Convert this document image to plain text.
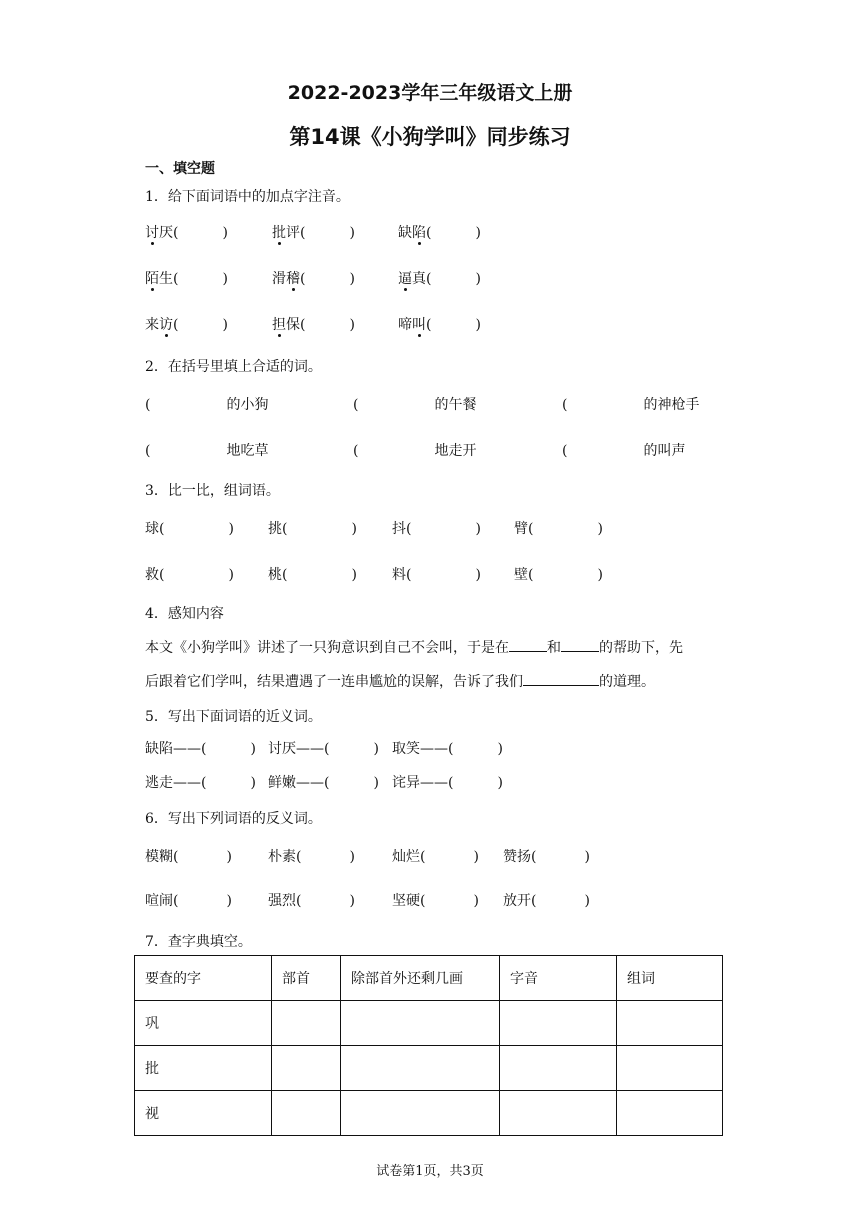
2022-2023学年三年级语文上册
第14课《小狗学叫》同步练习
一、填空题
1．给下面词语中的加点字注音。
讨厌(	)	批评(	)	缺陷(	)
陌生(	)	滑稽(	)	逼真(	)
来访(	)	担保(	)	啼叫(	)
2．在括号里填上合适的词。
(	的小狗	(	的午餐	(	的神枪手
(	地吃草	(	地走开	(	的叫声
3．比一比，组词语。
球(	) 挑(	)	抖(	) 臂(	)
救(	) 桃(	)	料(	) 壁(	)
4．感知内容
本文《小狗学叫》讲述了一只狗意识到自己不会叫，于是在	和	的帮助下，先
后跟着它们学叫，结果遭遇了一连串尴尬的误解，告诉了我们	的道理。
5．写出下面词语的近义词。
缺陷——(	) 讨厌——(	) 取笑——(	)
逃走——(	) 鲜嫩——(	) 诧异——(	)
6．写出下列词语的反义词。
模糊(	)	朴素(	)	灿烂(	) 赞扬(	)
喧闹(	)	强烈(	)	坚硬(	) 放开(	)
7．查字典填空。
要查的字	部首	除部首外还剩几画	字音	组词
巩				
批				
视				
试卷第1页，共3页
